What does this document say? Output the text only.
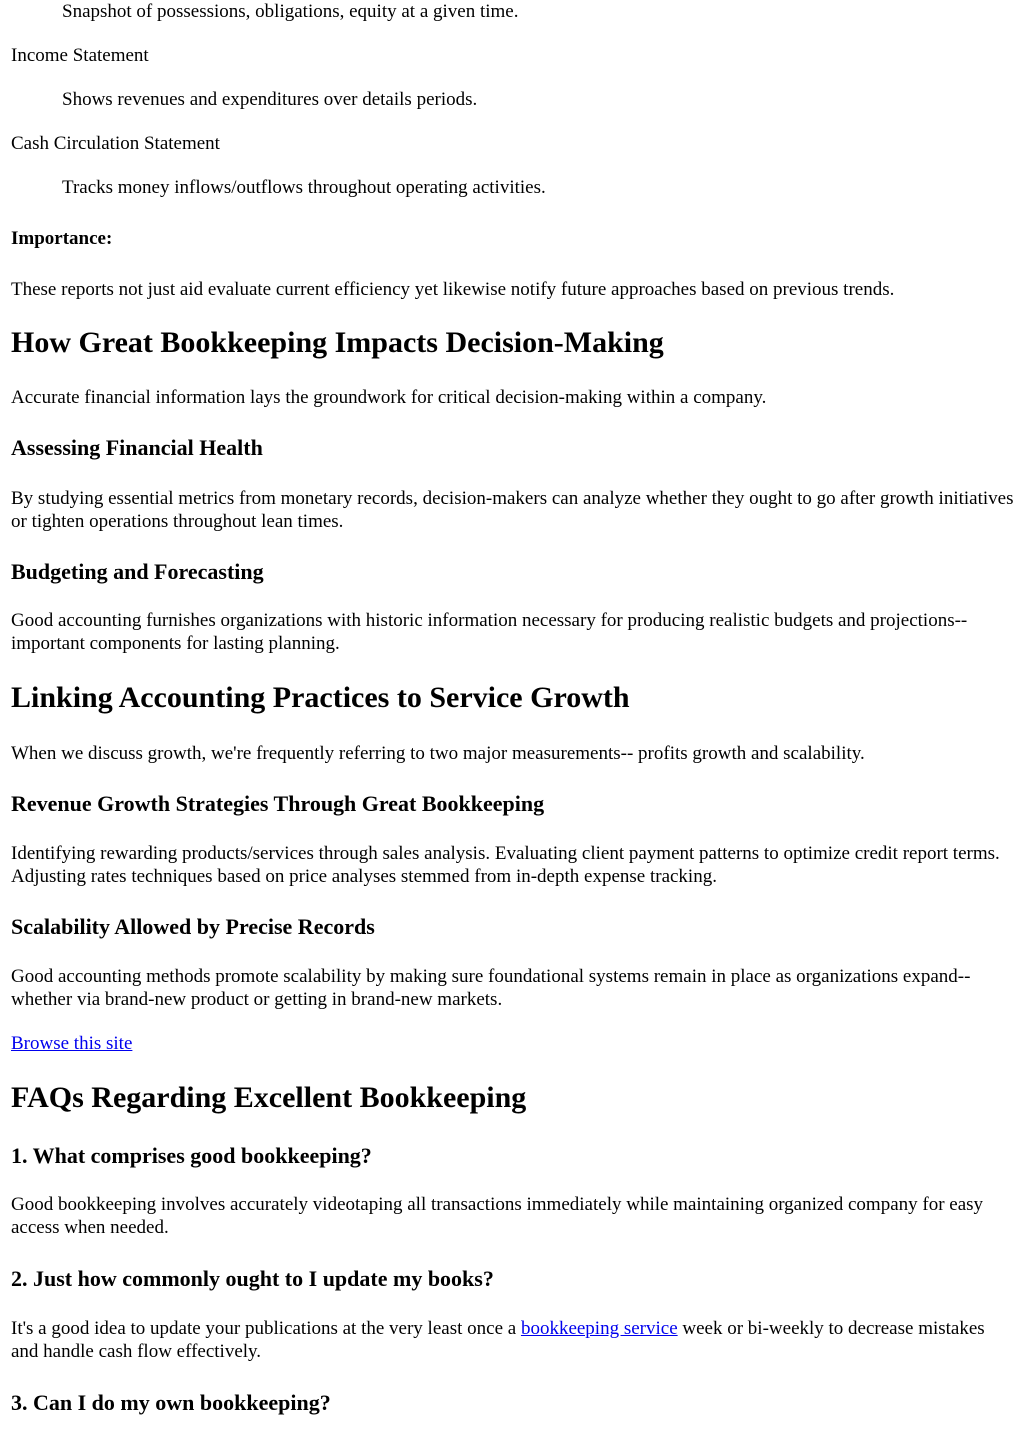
Snapshot of possessions, obligations, equity at a given time.

Income Statement

Shows revenues and expenditures over details periods.

Cash Circulation Statement

Tracks money inflows/outflows throughout operating activities.

Importance:

These reports not just aid evaluate current efficiency yet likewise notify future approaches based on previous trends.

How Great Bookkeeping Impacts Decision-Making

Accurate financial information lays the groundwork for critical decision-making within a company.

Assessing Financial Health

By studying essential metrics from monetary records, decision-makers can analyze whether they ought to go after growth initiatives or tighten operations throughout lean times.

Budgeting and Forecasting

Good accounting furnishes organizations with historic information necessary for producing realistic budgets and projections-- important components for lasting planning.

Linking Accounting Practices to Service Growth

When we discuss growth, we're frequently referring to two major measurements-- profits growth and scalability.

Revenue Growth Strategies Through Great Bookkeeping

Identifying rewarding products/services through sales analysis. Evaluating client payment patterns to optimize credit report terms. Adjusting rates techniques based on price analyses stemmed from in-depth expense tracking.

Scalability Allowed by Precise Records

Good accounting methods promote scalability by making sure foundational systems remain in place as organizations expand-- whether via brand-new product or getting in brand-new markets.

Browse this site

FAQs Regarding Excellent Bookkeeping
1. What comprises good bookkeeping?

Good bookkeeping involves accurately videotaping all transactions immediately while maintaining organized company for easy access when needed.

2. Just how commonly ought to I update my books?

It's a good idea to update your publications at the very least once a bookkeeping service week or bi-weekly to decrease mistakes and handle cash flow effectively.

3. Can I do my own bookkeeping?
